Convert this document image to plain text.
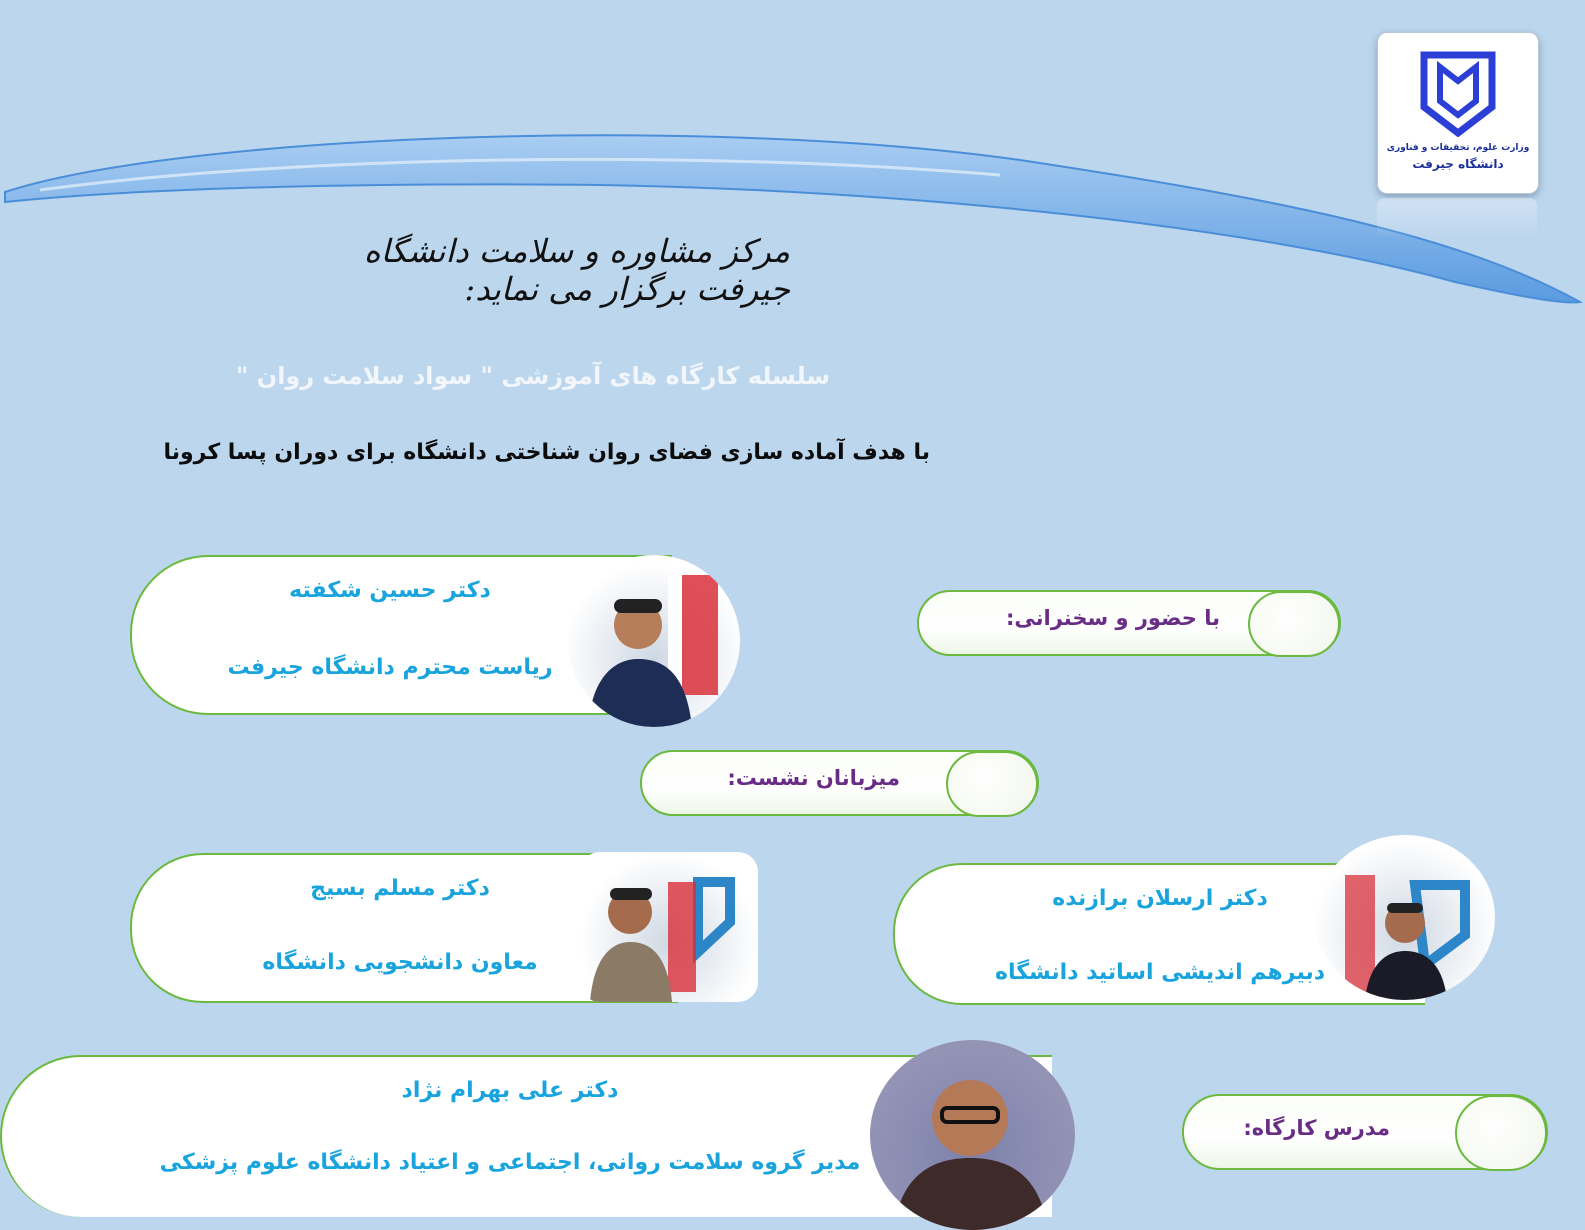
وزارت علوم، تحقیقات و فناوری
دانشگاه جیرفت
مرکز مشاوره و سلامت دانشگاه جیرفت برگزار می نماید:
سلسله کارگاه های آموزشی " سواد سلامت روان "
با هدف آماده سازی فضای روان شناختی دانشگاه برای دوران پسا کرونا
با حضور و سخنرانی:
میزبانان نشست:
مدرس کارگاه:
دکتر حسین شکفته
ریاست محترم دانشگاه جیرفت
دکتر مسلم بسیج
معاون دانشجویی دانشگاه
دکتر ارسلان برازنده
دبیرهم اندیشی اساتید دانشگاه
دکتر علی بهرام نژاد
مدیر گروه سلامت روانی، اجتماعی و اعتیاد دانشگاه علوم پزشکی
